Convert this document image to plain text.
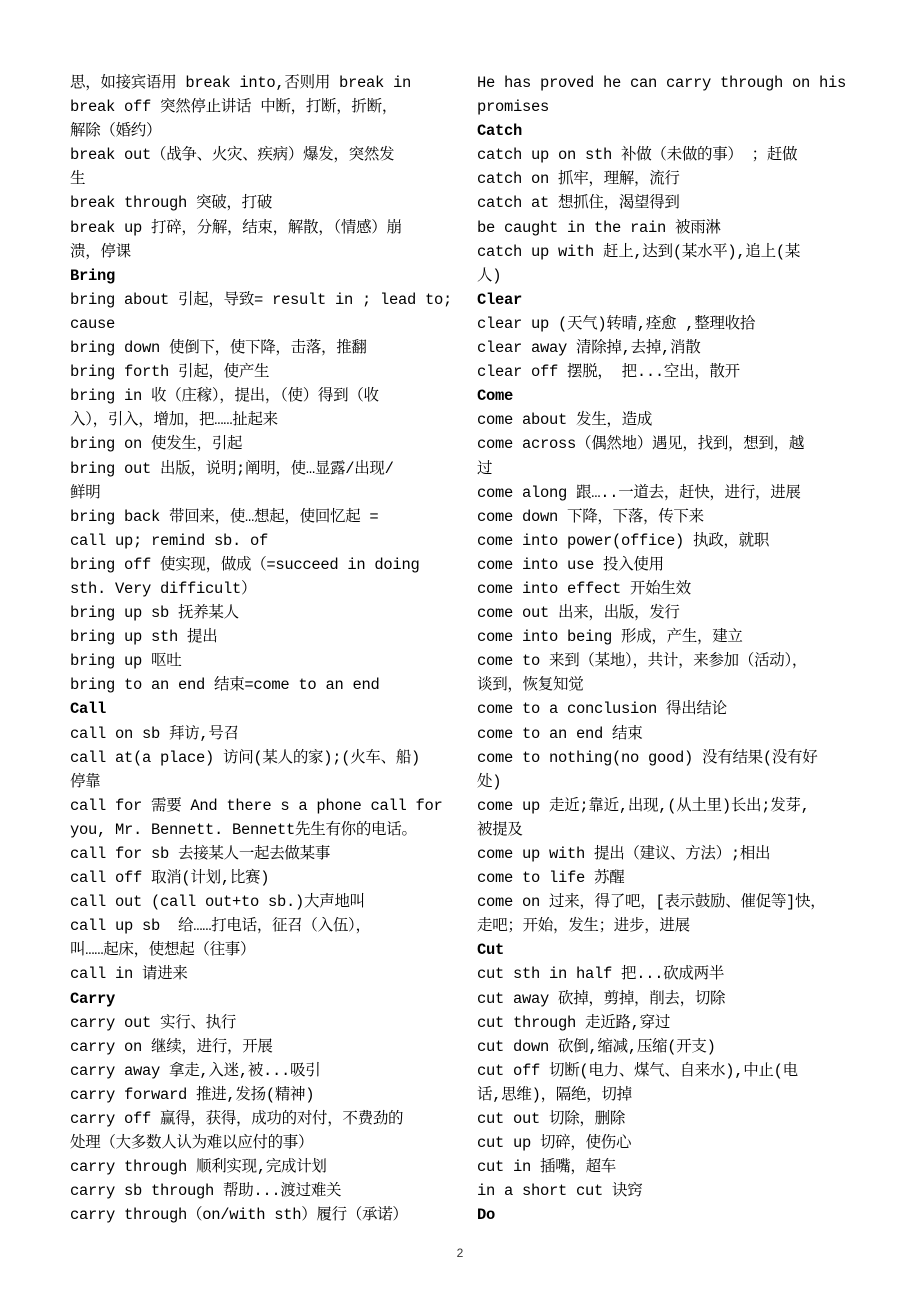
思，如接宾语用 break into,否则用 break in
break off 突然停止讲话 中断，打断，折断，
解除（婚约）
break out（战争、火灾、疾病）爆发，突然发
生
break through 突破，打破
break up 打碎，分解，结束，解散，（情感）崩
溃，停课
Bring
bring about 引起，导致= result in ; lead to;
cause
bring down 使倒下，使下降，击落，推翻
bring forth 引起，使产生
bring in 收（庄稼），提出，（使）得到（收
入），引入，增加，把……扯起来
bring on 使发生，引起
bring out 出版，说明;阐明，使…显露/出现/
鲜明
bring back 带回来，使…想起，使回忆起 =
call up; remind sb. of
bring off 使实现，做成（=succeed in doing
sth. Very difficult）
bring up sb 抚养某人
bring up sth 提出
bring up 呕吐
bring to an end 结束=come to an end
Call
call on sb 拜访,号召
call at(a place) 访问(某人的家);(火车、船)
停靠
call for 需要 And there s a phone call for
you, Mr. Bennett. Bennett先生有你的电话。
call for sb 去接某人一起去做某事
call off 取消(计划,比赛)
call out (call out+to sb.)大声地叫
call up sb  给……打电话，征召（入伍），
叫……起床，使想起（往事）
call in 请进来
Carry
carry out 实行、执行
carry on 继续，进行，开展
carry away 拿走,入迷,被...吸引
carry forward 推进,发扬(精神)
carry off 赢得，获得，成功的对付，不费劲的
处理（大多数人认为难以应付的事）
carry through 顺利实现,完成计划
carry sb through 帮助...渡过难关
carry through（on/with sth）履行（承诺）
He has proved he can carry through on his
promises
Catch
catch up on sth 补做（未做的事） ；赶做
catch on 抓牢，理解，流行
catch at 想抓住，渴望得到
be caught in the rain 被雨淋
catch up with 赶上,达到(某水平),追上(某
人)
Clear
clear up (天气)转晴,痊愈 ,整理收拾
clear away 清除掉,去掉,消散
clear off 摆脱， 把...空出，散开
Come
come about 发生，造成
come across（偶然地）遇见，找到，想到，越
过
come along 跟…..一道去，赶快，进行，进展
come down 下降，下落，传下来
come into power(office) 执政，就职
come into use 投入使用
come into effect 开始生效
come out 出来，出版，发行
come into being 形成，产生，建立
come to 来到（某地），共计，来参加（活动），
谈到，恢复知觉
come to a conclusion 得出结论
come to an end 结束
come to nothing(no good) 没有结果(没有好
处)
come up 走近;靠近,出现,(从土里)长出;发芽,
被提及
come up with 提出（建议、方法）;相出
come to life 苏醒
come on 过来，得了吧，[表示鼓励、催促等]快，
走吧；开始，发生；进步，进展
Cut
cut sth in half 把...砍成两半
cut away 砍掉，剪掉，削去，切除
cut through 走近路,穿过
cut down 砍倒,缩减,压缩(开支)
cut off 切断(电力、煤气、自来水),中止(电
话,思维)，隔绝，切掉
cut out 切除，删除
cut up 切碎，使伤心
cut in 插嘴，超车
in a short cut 诀窍
Do
2
